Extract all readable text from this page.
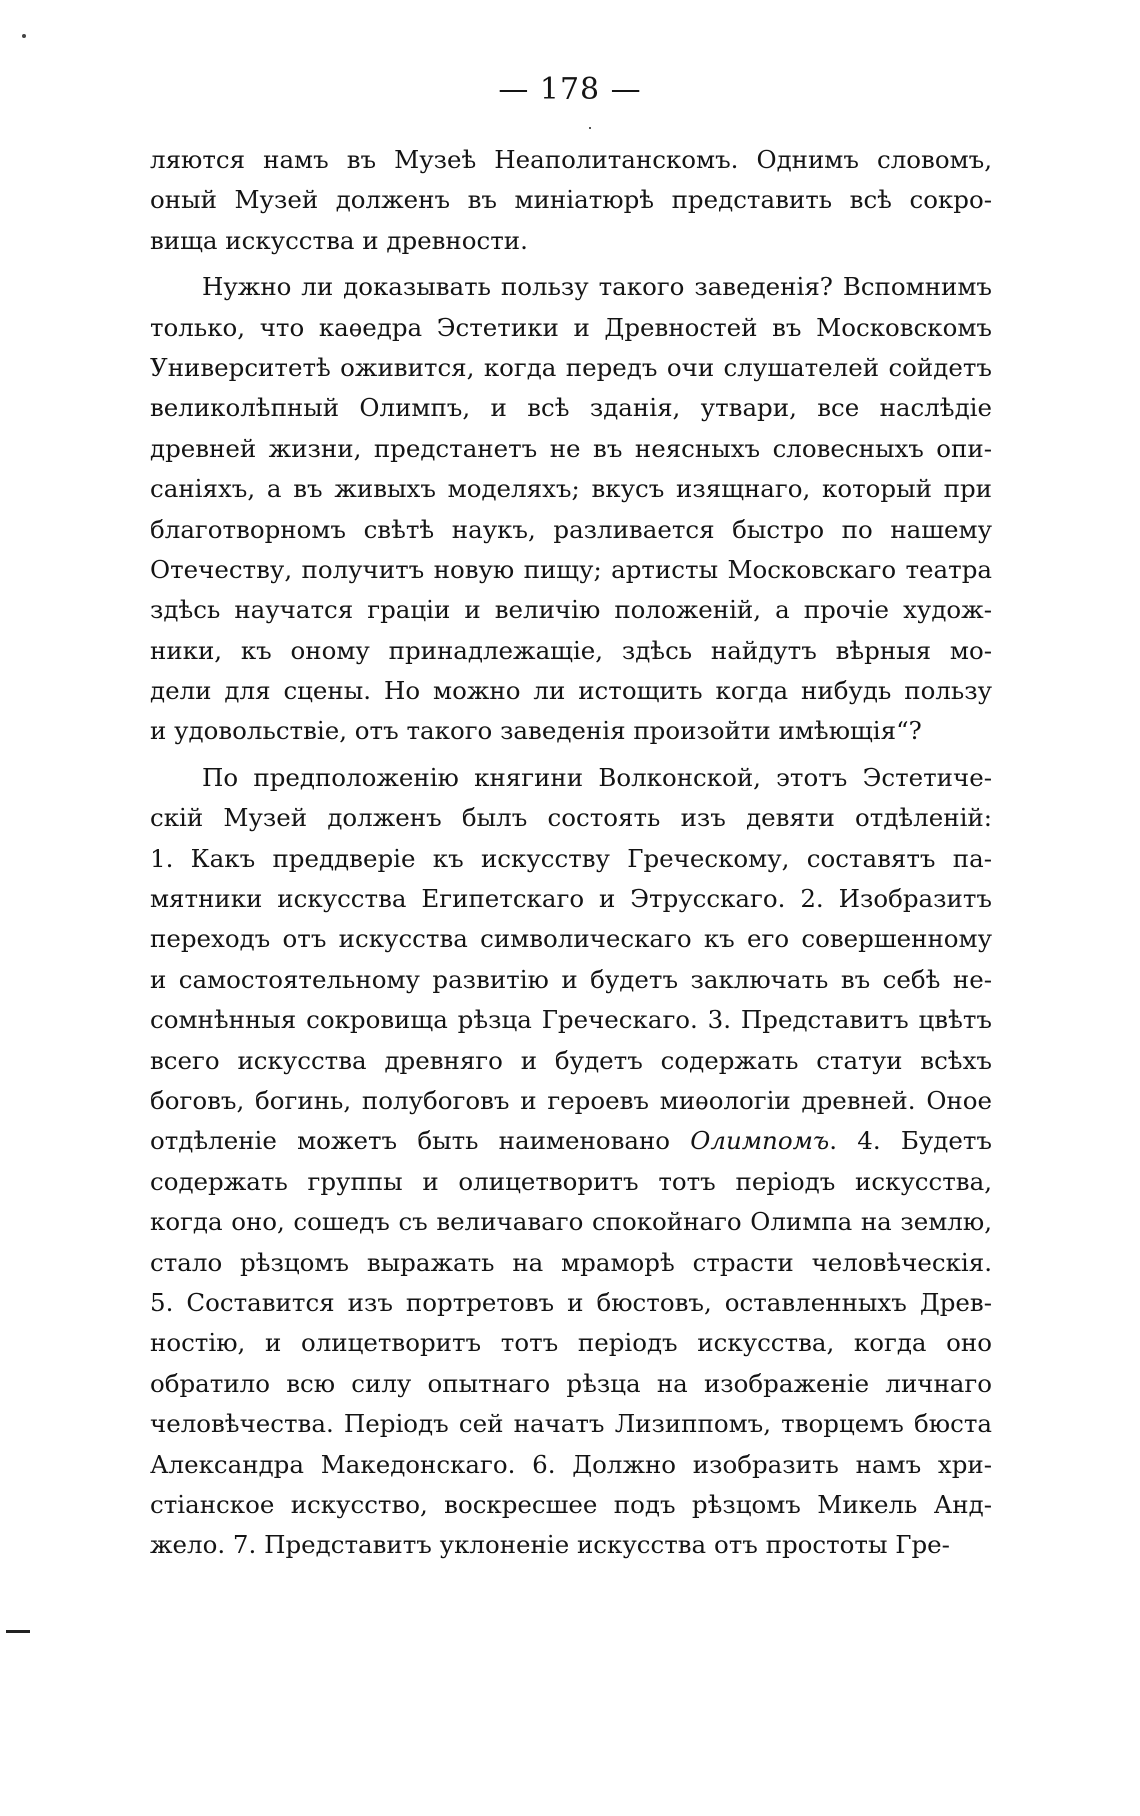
— 178 —
ляются намъ въ Музеѣ Неаполитанскомъ. Однимъ словомъ,
оный Музей долженъ въ миніатюрѣ представить всѣ сокро-
вища искусства и древности.
Нужно ли доказывать пользу такого заведенія? Вспомнимъ
только, что каѳедра Эстетики и Древностей въ Московскомъ
Университетѣ оживится, когда передъ очи слушателей сойдетъ
великолѣпный Олимпъ, и всѣ зданія, утвари, все наслѣдіе
древней жизни, предстанетъ не въ неясныхъ словесныхъ опи-
саніяхъ, а въ живыхъ моделяхъ; вкусъ изящнаго, который при
благотворномъ свѣтѣ наукъ, разливается быстро по нашему
Отечеству, получитъ новую пищу; артисты Московскаго театра
здѣсь научатся граціи и величію положеній, а прочіе худож-
ники, къ оному принадлежащіе, здѣсь найдутъ вѣрныя мо-
дели для сцены. Но можно ли истощить когда нибудь пользу
и удовольствіе, отъ такого заведенія произойти имѣющія“?
По предположенію княгини Волконской, этотъ Эстетиче-
скій Музей долженъ былъ состоять изъ девяти отдѣленій:
1. Какъ преддверіе къ искусству Греческому, составятъ па-
мятники искусства Египетскаго и Этрусскаго. 2. Изобразитъ
переходъ отъ искусства символическаго къ его совершенному
и самостоятельному развитію и будетъ заключать въ себѣ не-
сомнѣнныя сокровища рѣзца Греческаго. 3. Представитъ цвѣтъ
всего искусства древняго и будетъ содержать статуи всѣхъ
боговъ, богинь, полубоговъ и героевъ миѳологіи древней. Оное
отдѣленіе можетъ быть наименовано Олимпомъ. 4. Будетъ
содержать группы и олицетворитъ тотъ періодъ искусства,
когда оно, сошедъ съ величаваго спокойнаго Олимпа на землю,
стало рѣзцомъ выражать на мраморѣ страсти человѣческія.
5. Составится изъ портретовъ и бюстовъ, оставленныхъ Древ-
ностію, и олицетворитъ тотъ періодъ искусства, когда оно
обратило всю силу опытнаго рѣзца на изображеніе личнаго
человѣчества. Періодъ сей начатъ Лизиппомъ, творцемъ бюста
Александра Македонскаго. 6. Должно изобразить намъ хри-
стіанское искусство, воскресшее подъ рѣзцомъ Микель Анд-
жело. 7. Представитъ уклоненіе искусства отъ простоты Гре-
